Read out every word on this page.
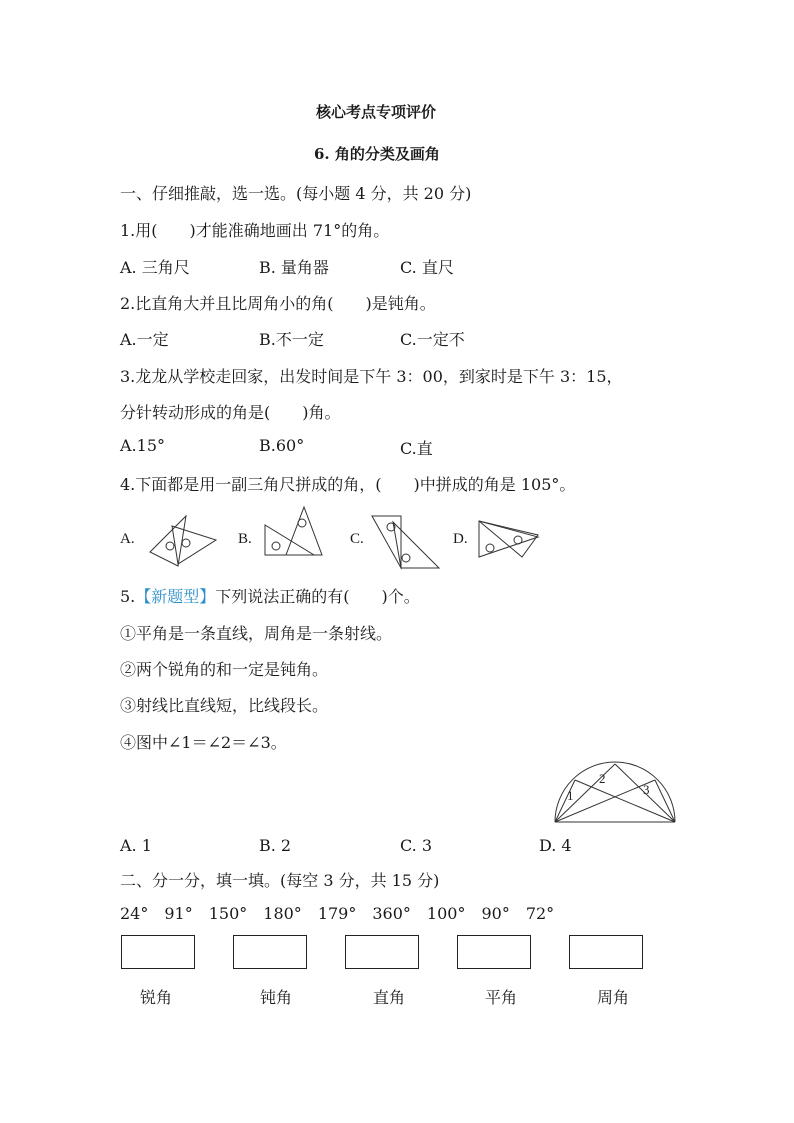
核心考点专项评价
6. 角的分类及画角
一、仔细推敲，选一选。(每小题 4 分，共 20 分)
1.用(　　)才能准确地画出 71°的角。
A. 三角尺	B. 量角器	C. 直尺
2.比直角大并且比周角小的角(　　)是钝角。
A.一定	B.不一定	C.一定不
3.龙龙从学校走回家，出发时间是下午 3：00，到家时是下午 3：15，
分针转动形成的角是(　　)角。
A.15°	B.60°	C.直
4.下面都是用一副三角尺拼成的角，(　　)中拼成的角是 105°。
A.	B.	C.	D.
5.【新题型】下列说法正确的有(　　)个。
①平角是一条直线，周角是一条射线。
②两个锐角的和一定是钝角。
③射线比直线短，比线段长。
④图中∠1＝∠2＝∠3。
1
2
3
A. 1	B. 2	C. 3	D. 4
二、分一分，填一填。(每空 3 分，共 15 分)
24°   91°   150°   180°   179°   360°   100°   90°   72°
锐角	钝角	直角	平角	周角
